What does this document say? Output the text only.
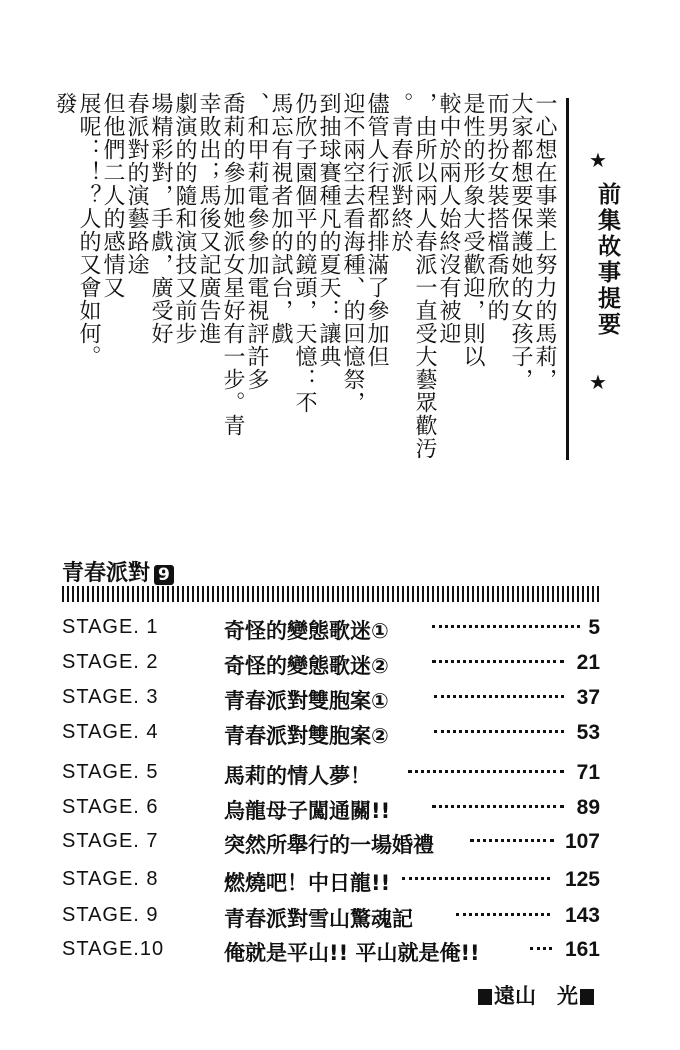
一心想在事業上努力的馬莉，
大家都想要保護她的女孩子，
而男扮女裝搭檔喬欣的
是性的形象大受歡迎，則以
較中於兩人始終沒有被迎
，由所以兩人春派一直受大藝眾歡汚
。青春派對終於
儘管人行程都排滿了參加但
迎不兩空去看海種、的回憶祭，
到抽球賽種凡的夏天：讓典
仍欣子園個平的鏡頭，天憶：不
馬忘有視者加的試台，戲
、和甲莉電參參加電視評許多
喬莉的參加她派女星好有一步。青
幸敗出；馬後又記廣告進
劇演的的隨和演技又前步
場精彩對，手戲，廣受好
春派對的演藝路途
但他們二人的感情又
展呢：！？人的又會如何。
發
★
前集故事提要
★
青春派對 9
STAGE. 1	奇怪的變態歌迷①	5
STAGE. 2	奇怪的變態歌迷②	21
STAGE. 3	青春派對雙胞案①	37
STAGE. 4	青春派對雙胞案②	53
STAGE. 5	馬莉的情人夢！	71
STAGE. 6	烏龍母子闖通關!!	89
STAGE. 7	突然所舉行的一場婚禮	107
STAGE. 8	燃燒吧！中日龍!!	125
STAGE. 9	青春派對雪山驚魂記	143
STAGE.10	俺就是平山!! 平山就是俺!!	161
遠山　光
